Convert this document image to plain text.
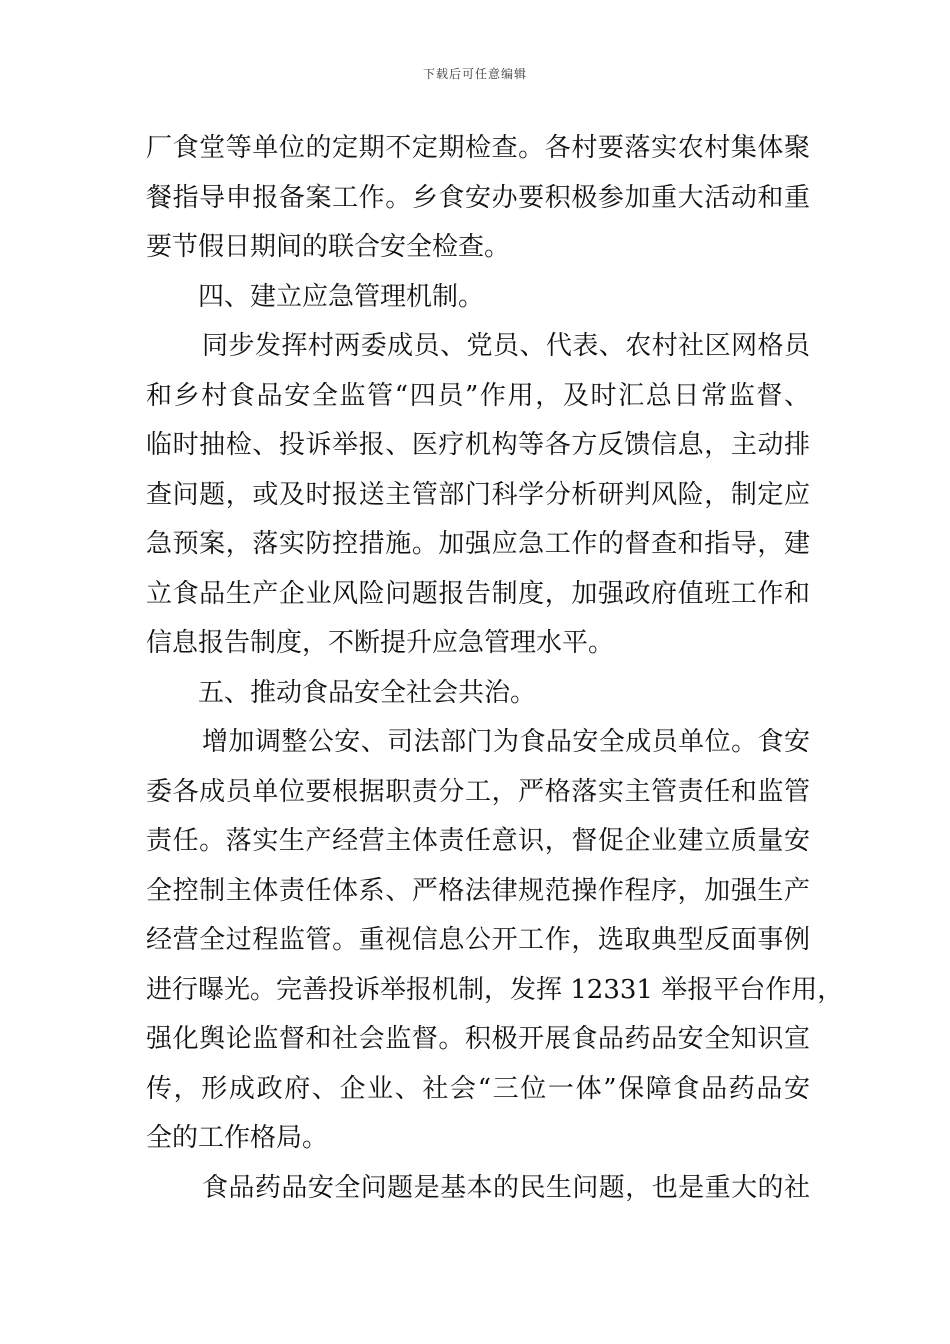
下载后可任意编辑
厂食堂等单位的定期不定期检查。各村要落实农村集体聚
餐指导申报备案工作。乡食安办要积极参加重大活动和重
要节假日期间的联合安全检查。
四、建立应急管理机制。
同步发挥村两委成员、党员、代表、农村社区网格员
和乡村食品安全监管“四员”作用，及时汇总日常监督、
临时抽检、投诉举报、医疗机构等各方反馈信息，主动排
查问题，或及时报送主管部门科学分析研判风险，制定应
急预案，落实防控措施。加强应急工作的督查和指导，建
立食品生产企业风险问题报告制度，加强政府值班工作和
信息报告制度，不断提升应急管理水平。
五、推动食品安全社会共治。
增加调整公安、司法部门为食品安全成员单位。食安
委各成员单位要根据职责分工，严格落实主管责任和监管
责任。落实生产经营主体责任意识，督促企业建立质量安
全控制主体责任体系、严格法律规范操作程序，加强生产
经营全过程监管。重视信息公开工作，选取典型反面事例
进行曝光。完善投诉举报机制，发挥 12331 举报平台作用，
强化舆论监督和社会监督。积极开展食品药品安全知识宣
传，形成政府、企业、社会“三位一体”保障食品药品安
全的工作格局。
食品药品安全问题是基本的民生问题，也是重大的社
